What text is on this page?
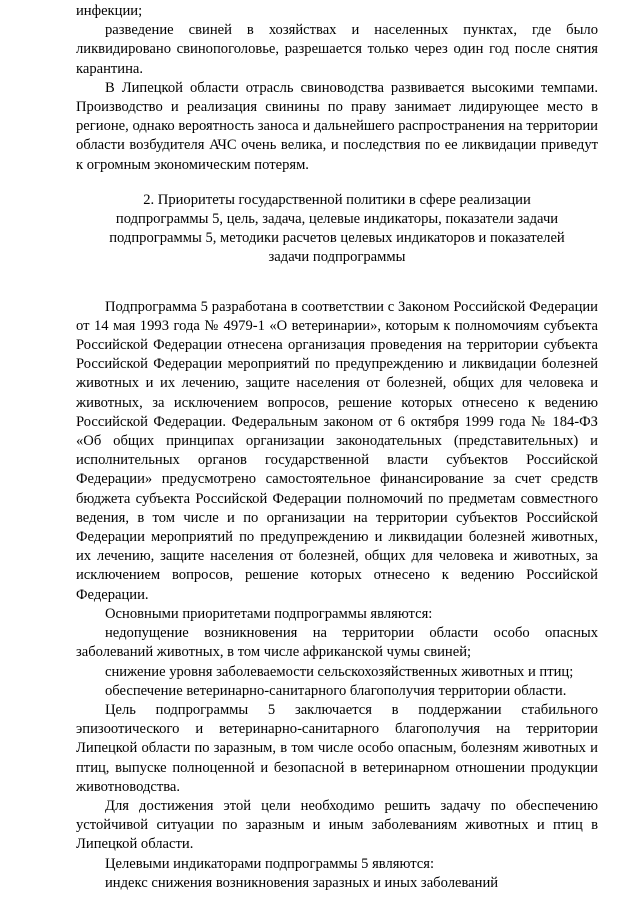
инфекции;

разведение свиней в хозяйствах и населенных пунктах, где было ликвидировано свинопоголовье, разрешается только через один год после снятия карантина.

В Липецкой области отрасль свиноводства развивается высокими темпами. Производство и реализация свинины по праву занимает лидирующее место в регионе, однако вероятность заноса и дальнейшего распространения на территории области возбудителя АЧС очень велика, и последствия по ее ликвидации приведут к огромным экономическим потерям.

2. Приоритеты государственной политики в сфере реализации подпрограммы 5, цель, задача, целевые индикаторы, показатели задачи подпрограммы 5, методики расчетов целевых индикаторов и показателей задачи подпрограммы

Подпрограмма 5 разработана в соответствии с Законом Российской Федерации от 14 мая 1993 года № 4979-1 «О ветеринарии», которым к полномочиям субъекта Российской Федерации отнесена организация проведения на территории субъекта Российской Федерации мероприятий по предупреждению и ликвидации болезней животных и их лечению, защите населения от болезней, общих для человека и животных, за исключением вопросов, решение которых отнесено к ведению Российской Федерации. Федеральным законом от 6 октября 1999 года № 184-ФЗ «Об общих принципах организации законодательных (представительных) и исполнительных органов государственной власти субъектов Российской Федерации» предусмотрено самостоятельное финансирование за счет средств бюджета субъекта Российской Федерации полномочий по предметам совместного ведения, в том числе и по организации на территории субъектов Российской Федерации мероприятий по предупреждению и ликвидации болезней животных, их лечению, защите населения от болезней, общих для человека и животных, за исключением вопросов, решение которых отнесено к ведению Российской Федерации.

Основными приоритетами подпрограммы являются:

недопущение возникновения на территории области особо опасных заболеваний животных, в том числе африканской чумы свиней;

снижение уровня заболеваемости сельскохозяйственных животных и птиц;

обеспечение ветеринарно-санитарного благополучия территории области.

Цель подпрограммы 5 заключается в поддержании стабильного эпизоотического и ветеринарно-санитарного благополучия на территории Липецкой области по заразным, в том числе особо опасным, болезням животных и птиц, выпуске полноценной и безопасной в ветеринарном отношении продукции животноводства.

Для достижения этой цели необходимо решить задачу по обеспечению устойчивой ситуации по заразным и иным заболеваниям животных и птиц в Липецкой области.

Целевыми индикаторами подпрограммы 5 являются:

индекс снижения возникновения заразных и иных заболеваний
